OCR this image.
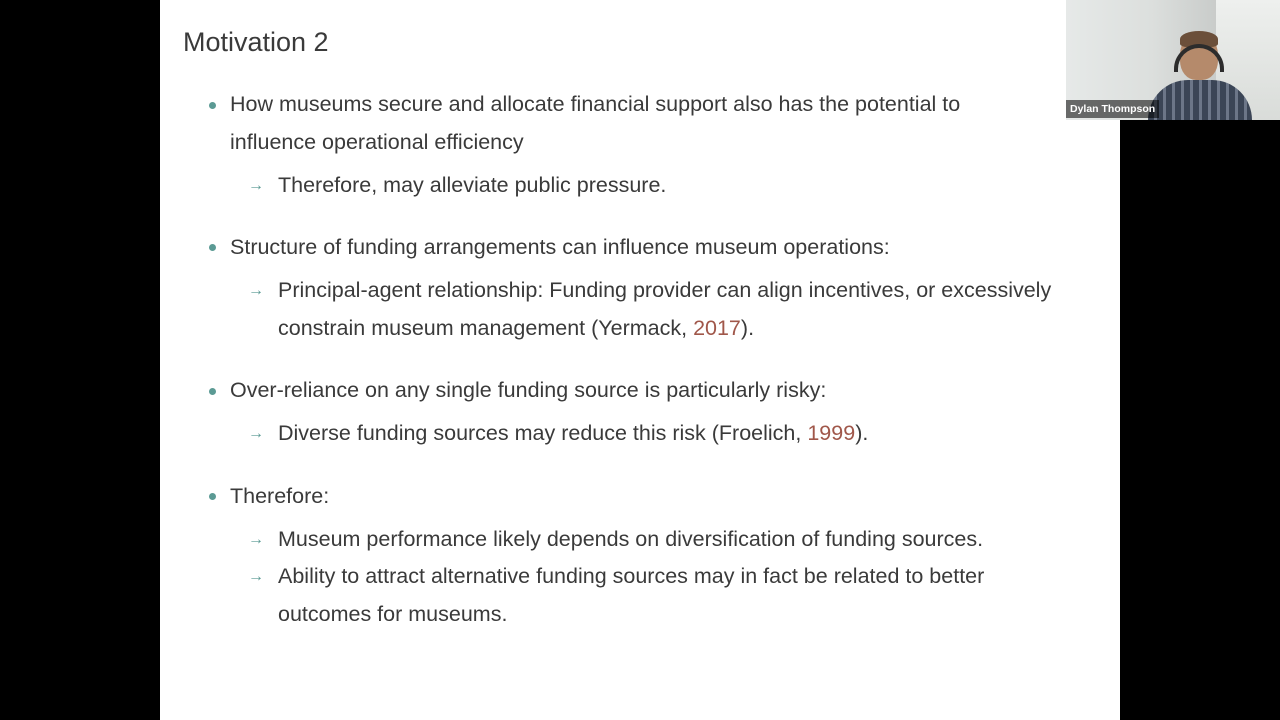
Motivation 2
How museums secure and allocate financial support also has the potential to influence operational efficiency
→ Therefore, may alleviate public pressure.
Structure of funding arrangements can influence museum operations:
→ Principal-agent relationship: Funding provider can align incentives, or excessively constrain museum management (Yermack, 2017).
Over-reliance on any single funding source is particularly risky:
→ Diverse funding sources may reduce this risk (Froelich, 1999).
Therefore:
→ Museum performance likely depends on diversification of funding sources.
→ Ability to attract alternative funding sources may in fact be related to better outcomes for museums.
Dylan Thompson
